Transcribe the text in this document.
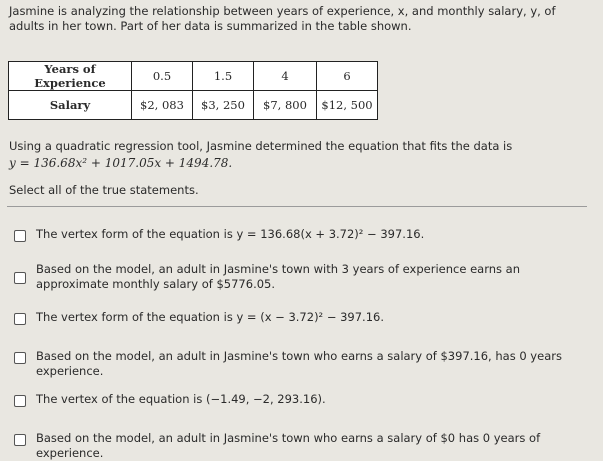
Jasmine is analyzing the relationship between years of experience, x, and monthly salary, y, of adults in her town. Part of her data is summarized in the table shown.
Years of Experience	0.5	1.5	4	6
Salary	$2, 083	$3, 250	$7, 800	$12, 500
Using a quadratic regression tool, Jasmine determined the equation that fits the data is
y = 136.68x² + 1017.05x + 1494.78.
Select all of the true statements.
The vertex form of the equation is y = 136.68(x + 3.72)² − 397.16.
Based on the model, an adult in Jasmine's town with 3 years of experience earns an approximate monthly salary of $5776.05.
The vertex form of the equation is y = (x − 3.72)² − 397.16.
Based on the model, an adult in Jasmine's town who earns a salary of $397.16, has 0 years experience.
The vertex of the equation is (−1.49, −2, 293.16).
Based on the model, an adult in Jasmine's town who earns a salary of $0 has 0 years of experience.
